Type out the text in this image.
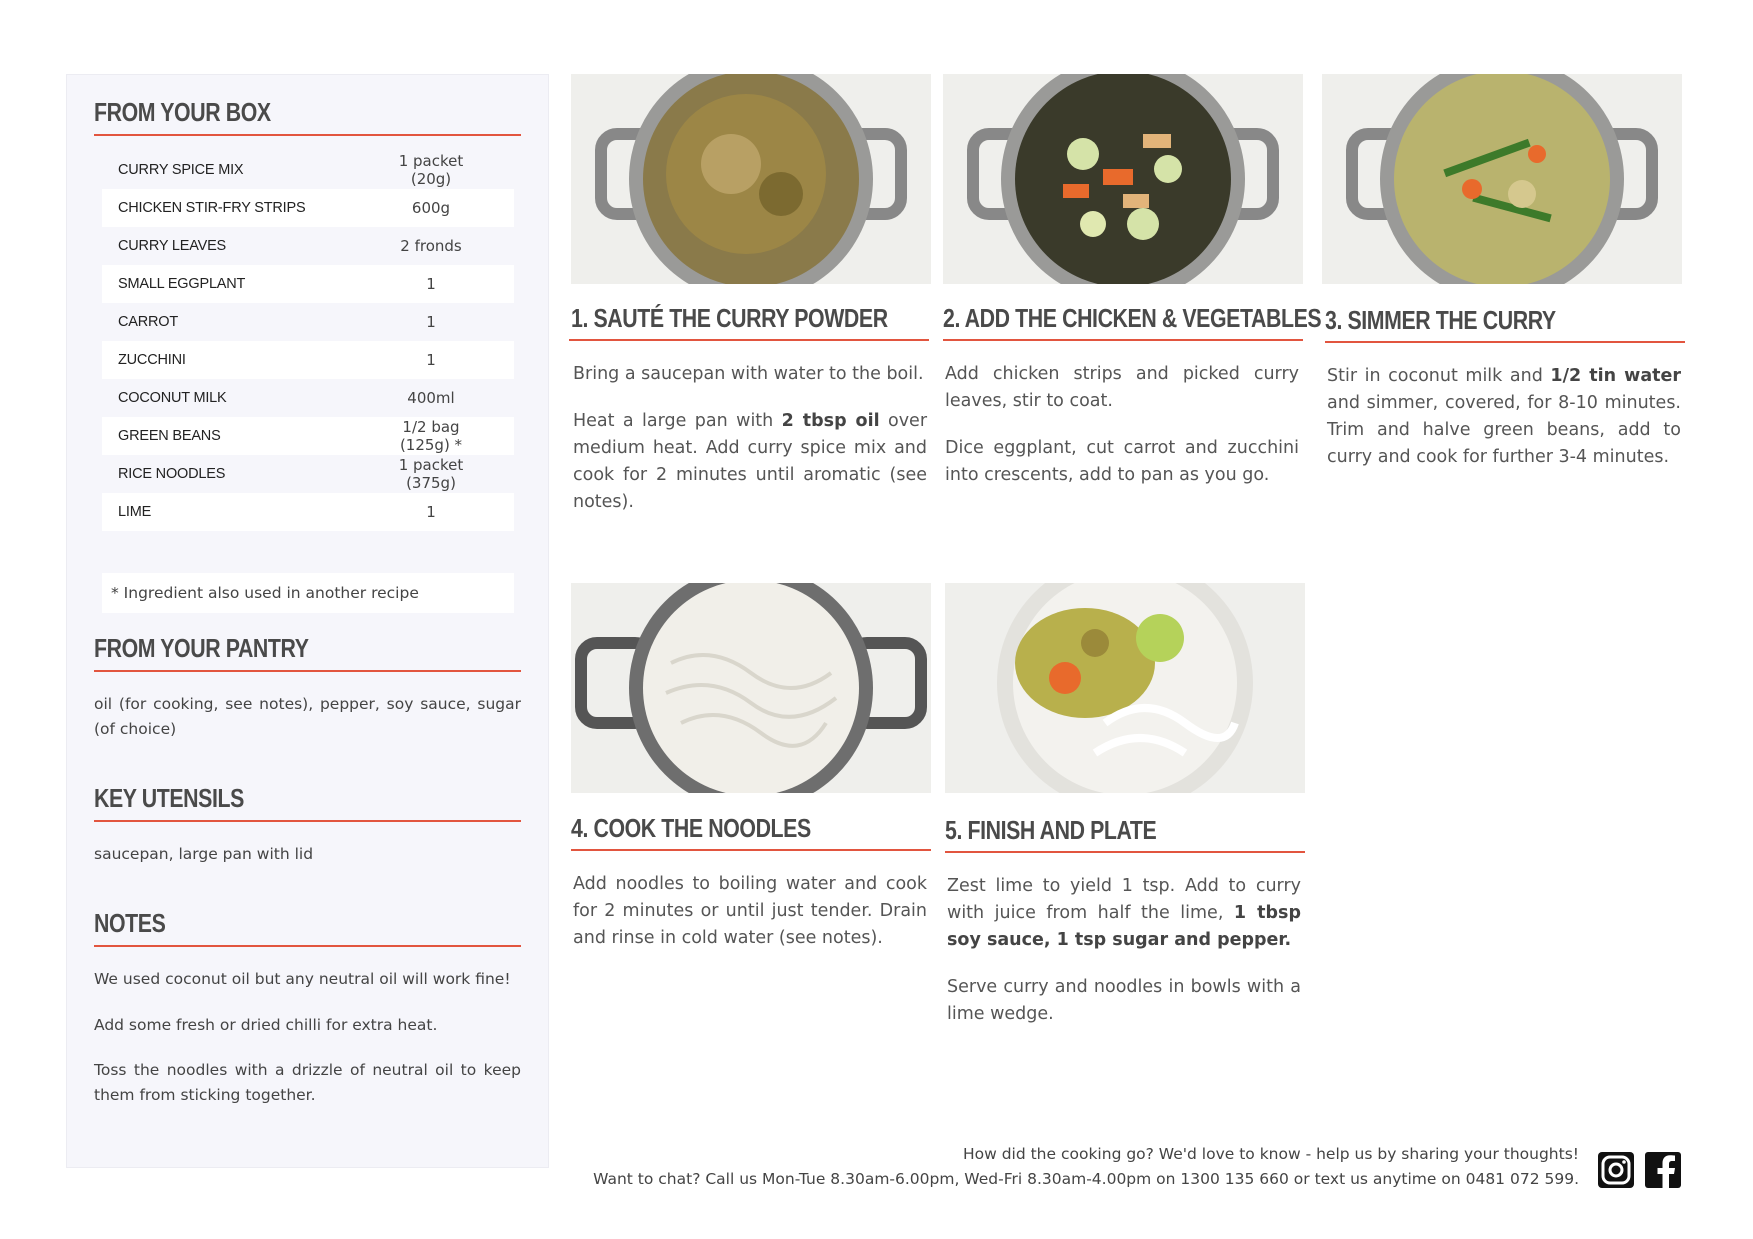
FROM YOUR BOX
CURRY SPICE MIX	1 packet (20g)
CHICKEN STIR-FRY STRIPS	600g
CURRY LEAVES	2 fronds
SMALL EGGPLANT	1
CARROT	1
ZUCCHINI	1
COCONUT MILK	400ml
GREEN BEANS	1/2 bag (125g) *
RICE NOODLES	1 packet (375g)
LIME	1
* Ingredient also used in another recipe
FROM YOUR PANTRY
oil (for cooking, see notes), pepper, soy sauce, sugar (of choice)
KEY UTENSILS
saucepan, large pan with lid
NOTES
We used coconut oil but any neutral oil will work fine!
Add some fresh or dried chilli for extra heat.
Toss the noodles with a drizzle of neutral oil to keep them from sticking together.
1. SAUTÉ THE CURRY POWDER

Bring a saucepan with water to the boil.

Heat a large pan with 2 tbsp oil over medium heat. Add curry spice mix and cook for 2 minutes until aromatic (see notes).

2. ADD THE CHICKEN & VEGETABLES

Add chicken strips and picked curry leaves, stir to coat.

Dice eggplant, cut carrot and zucchini into crescents, add to pan as you go.

3. SIMMER THE CURRY

Stir in coconut milk and 1/2 tin water and simmer, covered, for 8-10 minutes. Trim and halve green beans, add to curry and cook for further 3-4 minutes.

4. COOK THE NOODLES

Add noodles to boiling water and cook for 2 minutes or until just tender. Drain and rinse in cold water (see notes).

5. FINISH AND PLATE

Zest lime to yield 1 tsp. Add to curry with juice from half the lime, 1 tbsp soy sauce, 1 tsp sugar and pepper.

Serve curry and noodles in bowls with a lime wedge.

How did the cooking go? We'd love to know - help us by sharing your thoughts!
Want to chat? Call us Mon-Tue 8.30am-6.00pm, Wed-Fri 8.30am-4.00pm on 1300 135 660 or text us anytime on 0481 072 599.
